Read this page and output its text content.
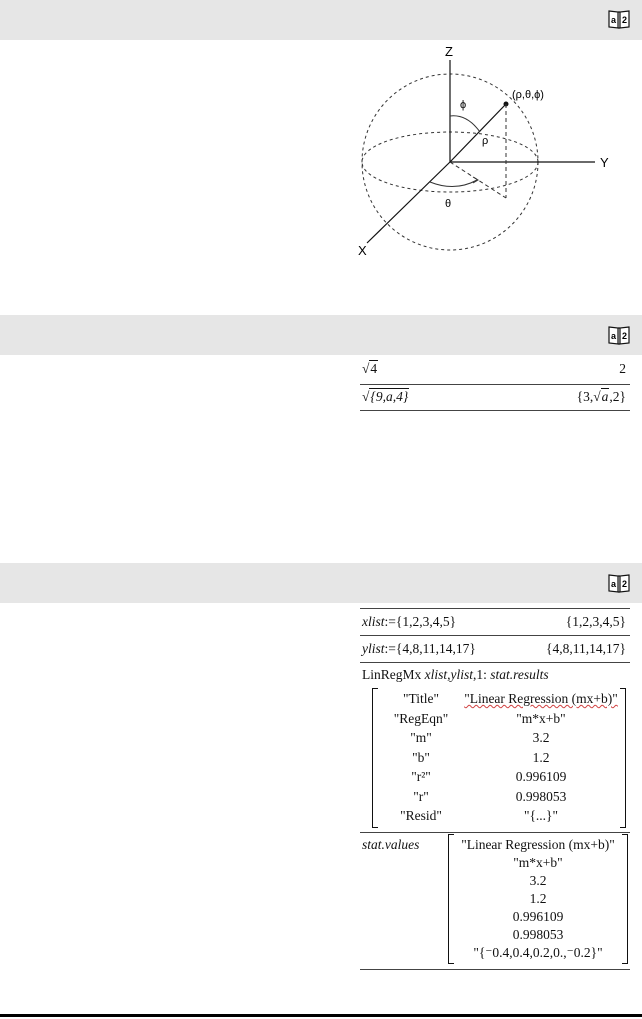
a 2
a 2
a 2
Z
Y
X
(ρ,θ,ϕ)
ϕ
ρ
θ
√4	2
√{9,a,4}	{3,√a,2}
xlist:={1,2,3,4,5}	{1,2,3,4,5}
ylist:={4,8,11,14,17}	{4,8,11,14,17}
LinRegMx xlist,ylist,1: stat.results
"Title"	"Linear Regression (mx+b)"
"RegEqn"	"m*x+b"
"m"	3.2
"b"	1.2
"r²"	0.996109
"r"	0.998053
"Resid"	"{...}"
stat.values	"Linear Regression (mx+b)"
"m*x+b"
3.2
1.2
0.996109
0.998053
"{⁻0.4,0.4,0.2,0.,⁻0.2}"
